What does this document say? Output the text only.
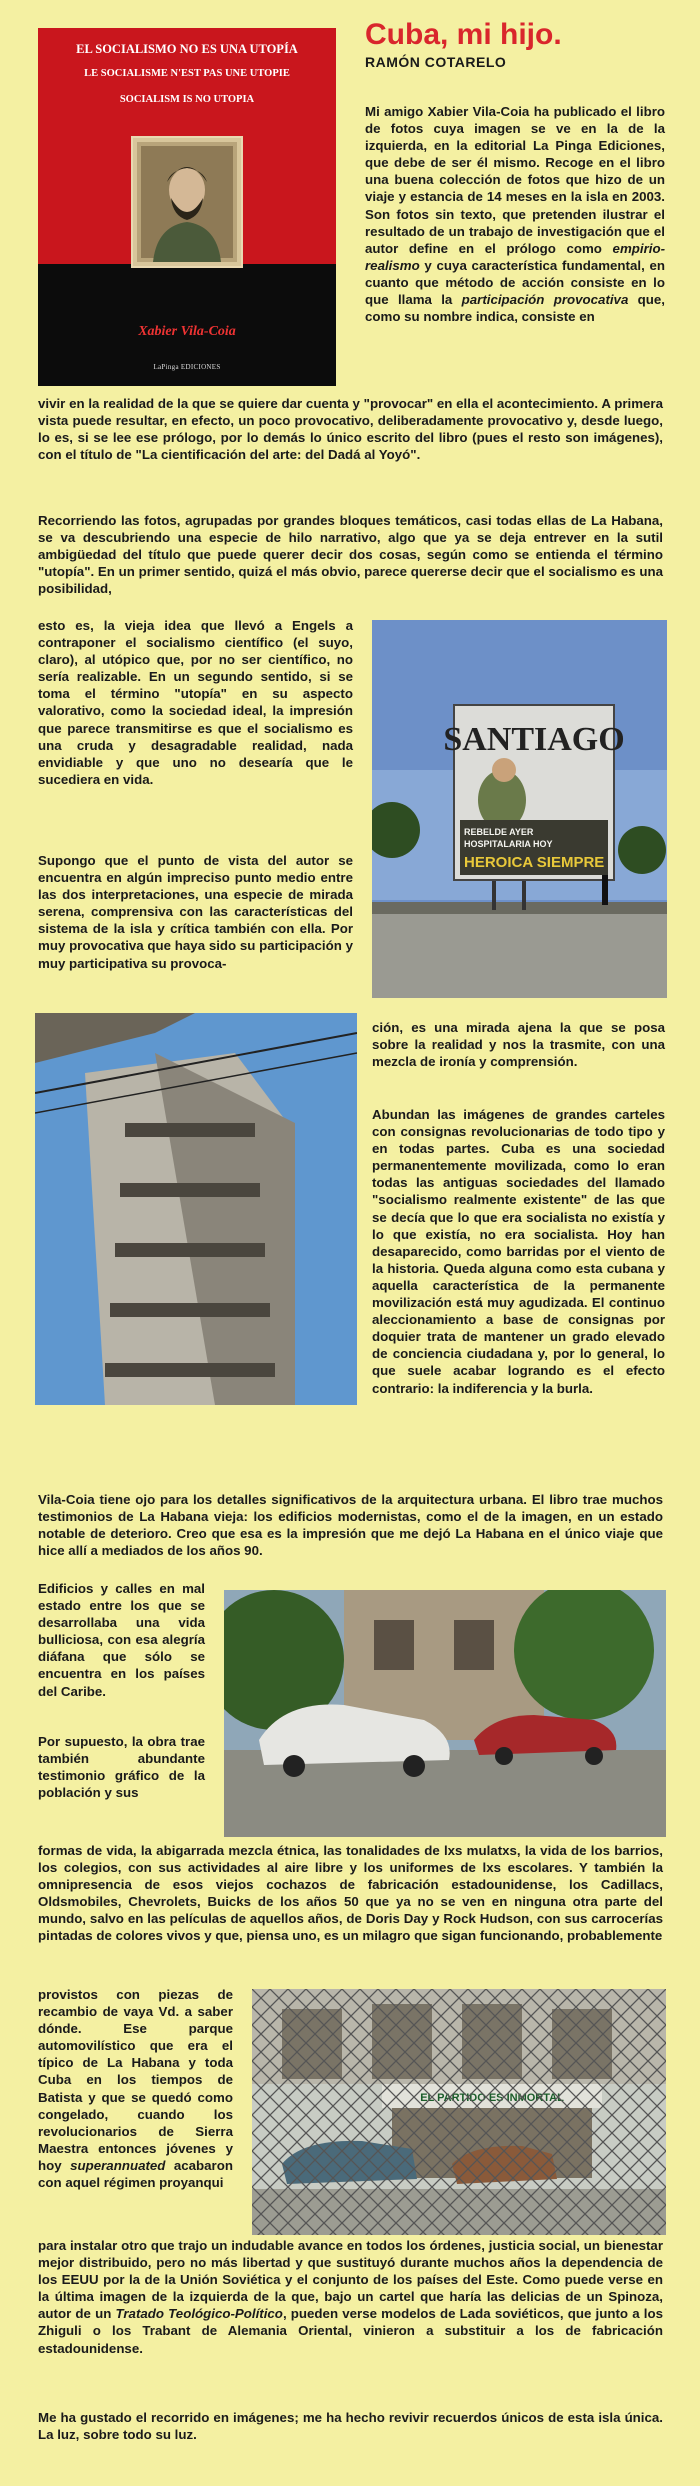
EL SOCIALISMO NO ES UNA UTOPÍA
LE SOCIALISME N'EST PAS UNE UTOPIE
SOCIALISM IS NO UTOPIA
Xabier Vila-Coia
LaPinga EDICIONES
Cuba, mi hijo.
RAMÓN COTARELO

Mi amigo Xabier Vila-Coia ha publicado el libro de fotos cuya imagen se ve en la de la izquierda, en la editorial La Pinga Ediciones, que debe de ser él mismo. Recoge en el libro una buena colección de fotos que hizo de un viaje y estancia de 14 meses en la isla en 2003. Son fotos sin texto, que pretenden ilustrar el resultado de un trabajo de investigación que el autor define en el prólogo como empirio-realismo y cuya característica fundamental, en cuanto que método de acción consiste en lo que llama la participación provocativa que, como su nombre indica, consiste en

vivir en la realidad de la que se quiere dar cuenta y "provocar" en ella el acontecimiento. A primera vista puede resultar, en efecto, un poco provocativo, deliberadamente provocativo y, desde luego, lo es, si se lee ese prólogo, por lo demás lo único escrito del libro (pues el resto son imágenes), con el título de "La cientificación del arte: del Dadá al Yoyó".

Recorriendo las fotos, agrupadas por grandes bloques temáticos, casi todas ellas de La Habana, se va descubriendo una especie de hilo narrativo, algo que ya se deja entrever en la sutil ambigüedad del título que puede querer decir dos cosas, según como se entienda el término "utopía". En un primer sentido, quizá el más obvio, parece quererse decir que el socialismo es una posibilidad,

esto es, la vieja idea que llevó a Engels a contraponer el socialismo científico (el suyo, claro), al utópico que, por no ser científico, no sería realizable. En un segundo sentido, si se toma el término "utopía" en su aspecto valorativo, como la sociedad ideal, la impresión que parece transmitirse es que el socialismo es una cruda y desagradable realidad, nada envidiable y que uno no desearía que le sucediera en vida.

SANTIAGO
REBELDE AYER
HOSPITALARIA HOY
HEROICA SIEMPRE

Supongo que el punto de vista del autor se encuentra en algún impreciso punto medio entre las dos interpretaciones, una especie de mirada serena, comprensiva con las características del sistema de la isla y crítica también con ella. Por muy provocativa que haya sido su participación y muy participativa su provoca-

ción, es una mirada ajena la que se posa sobre la realidad y nos la trasmite, con una mezcla de ironía y comprensión.

Abundan las imágenes de grandes carteles con consignas revolucionarias de todo tipo y en todas partes. Cuba es una sociedad permanentemente movilizada, como lo eran todas las antiguas sociedades del llamado "socialismo realmente existente" de las que se decía que lo que era socialista no existía y lo que existía, no era socialista. Hoy han desaparecido, como barridas por el viento de la historia. Queda alguna como esta cubana y aquella característica de la permanente movilización está muy agudizada. El continuo aleccionamiento a base de consignas por doquier trata de mantener un grado elevado de conciencia ciudadana y, por lo general, lo que suele acabar logrando es el efecto contrario: la indiferencia y la burla.

Vila-Coia tiene ojo para los detalles significativos de la arquitectura urbana. El libro trae muchos testimonios de La Habana vieja: los edificios modernistas, como el de la imagen, en un estado notable de deterioro. Creo que esa es la impresión que me dejó La Habana en el único viaje que hice allí a mediados de los años 90.

Edificios y calles en mal estado entre los que se desarrollaba una vida bulliciosa, con esa alegría diáfana que sólo se encuentra en los países del Caribe.

Por supuesto, la obra trae también abundante testimonio gráfico de la población y sus

formas de vida, la abigarrada mezcla étnica, las tonalidades de lxs mulatxs, la vida de los barrios, los colegios, con sus actividades al aire libre y los uniformes de lxs escolares. Y también la omnipresencia de esos viejos cochazos de fabricación estadounidense, los Cadillacs, Oldsmobiles, Chevrolets, Buicks de los años 50 que ya no se ven en ninguna otra parte del mundo, salvo en las películas de aquellos años, de Doris Day y Rock Hudson, con sus carrocerías pintadas de colores vivos y que, piensa uno, es un milagro que sigan funcionando, probablemente

provistos con piezas de recambio de vaya Vd. a saber dónde. Ese parque automovilístico que era el típico de La Habana y toda Cuba en los tiempos de Batista y que se quedó como congelado, cuando los revolucionarios de Sierra Maestra entonces jóvenes y hoy superannuated acabaron con aquel régimen proyanqui

para instalar otro que trajo un indudable avance en todos los órdenes, justicia social, un bienestar mejor distribuido, pero no más libertad y que sustituyó durante muchos años la dependencia de los EEUU por la de la Unión Soviética y el conjunto de los países del Este. Como puede verse en la última imagen de la izquierda de la que, bajo un cartel que haría las delicias de un Spinoza, autor de un Tratado Teológico-Político, pueden verse modelos de Lada soviéticos, que junto a los Zhiguli o los Trabant de Alemania Oriental, vinieron a substituir a los de fabricación estadounidense.

Me ha gustado el recorrido en imágenes; me ha hecho revivir recuerdos únicos de esta isla única. La luz, sobre todo su luz.
